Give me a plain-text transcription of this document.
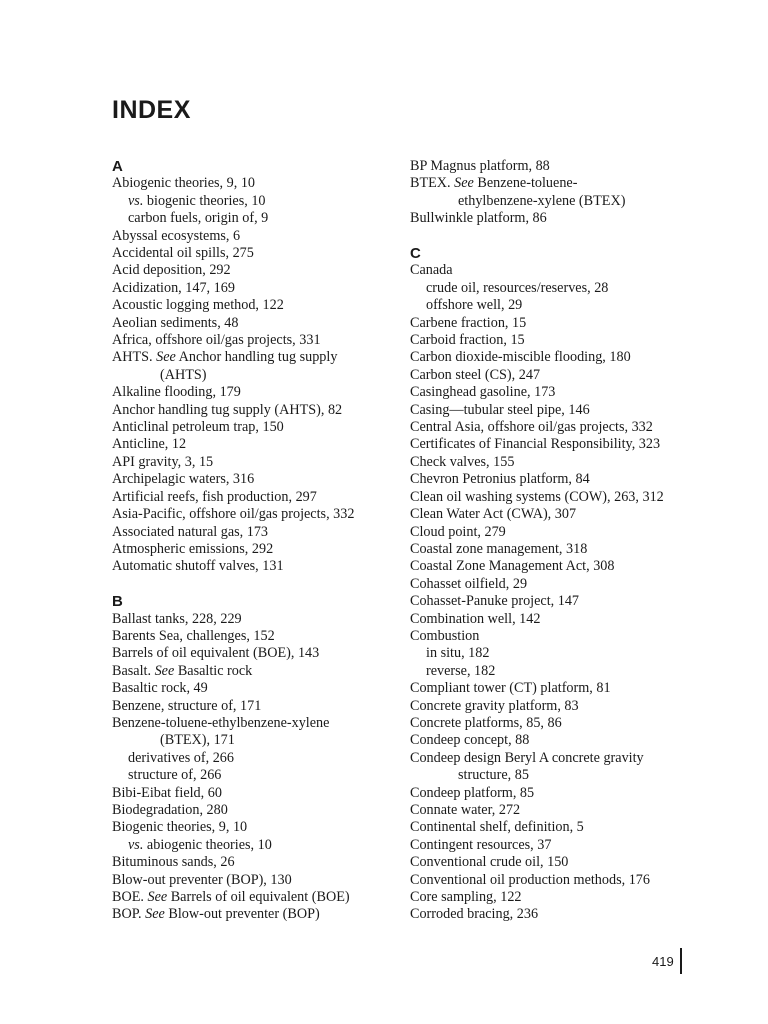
INDEX
A
Abiogenic theories, 9, 10
vs. biogenic theories, 10
carbon fuels, origin of, 9
Abyssal ecosystems, 6
Accidental oil spills, 275
Acid deposition, 292
Acidization, 147, 169
Acoustic logging method, 122
Aeolian sediments, 48
Africa, offshore oil/gas projects, 331
AHTS. See Anchor handling tug supply
(AHTS)
Alkaline flooding, 179
Anchor handling tug supply (AHTS), 82
Anticlinal petroleum trap, 150
Anticline, 12
API gravity, 3, 15
Archipelagic waters, 316
Artificial reefs, fish production, 297
Asia-Pacific, offshore oil/gas projects, 332
Associated natural gas, 173
Atmospheric emissions, 292
Automatic shutoff valves, 131
B
Ballast tanks, 228, 229
Barents Sea, challenges, 152
Barrels of oil equivalent (BOE), 143
Basalt. See Basaltic rock
Basaltic rock, 49
Benzene, structure of, 171
Benzene-toluene-ethylbenzene-xylene
(BTEX), 171
derivatives of, 266
structure of, 266
Bibi-Eibat field, 60
Biodegradation, 280
Biogenic theories, 9, 10
vs. abiogenic theories, 10
Bituminous sands, 26
Blow-out preventer (BOP), 130
BOE. See Barrels of oil equivalent (BOE)
BOP. See Blow-out preventer (BOP)
BP Magnus platform, 88
BTEX. See Benzene-toluene-
ethylbenzene-xylene (BTEX)
Bullwinkle platform, 86
C
Canada
crude oil, resources/reserves, 28
offshore well, 29
Carbene fraction, 15
Carboid fraction, 15
Carbon dioxide-miscible flooding, 180
Carbon steel (CS), 247
Casinghead gasoline, 173
Casing—tubular steel pipe, 146
Central Asia, offshore oil/gas projects, 332
Certificates of Financial Responsibility, 323
Check valves, 155
Chevron Petronius platform, 84
Clean oil washing systems (COW), 263, 312
Clean Water Act (CWA), 307
Cloud point, 279
Coastal zone management, 318
Coastal Zone Management Act, 308
Cohasset oilfield, 29
Cohasset-Panuke project, 147
Combination well, 142
Combustion
in situ, 182
reverse, 182
Compliant tower (CT) platform, 81
Concrete gravity platform, 83
Concrete platforms, 85, 86
Condeep concept, 88
Condeep design Beryl A concrete gravity
structure, 85
Condeep platform, 85
Connate water, 272
Continental shelf, definition, 5
Contingent resources, 37
Conventional crude oil, 150
Conventional oil production methods, 176
Core sampling, 122
Corroded bracing, 236
419
